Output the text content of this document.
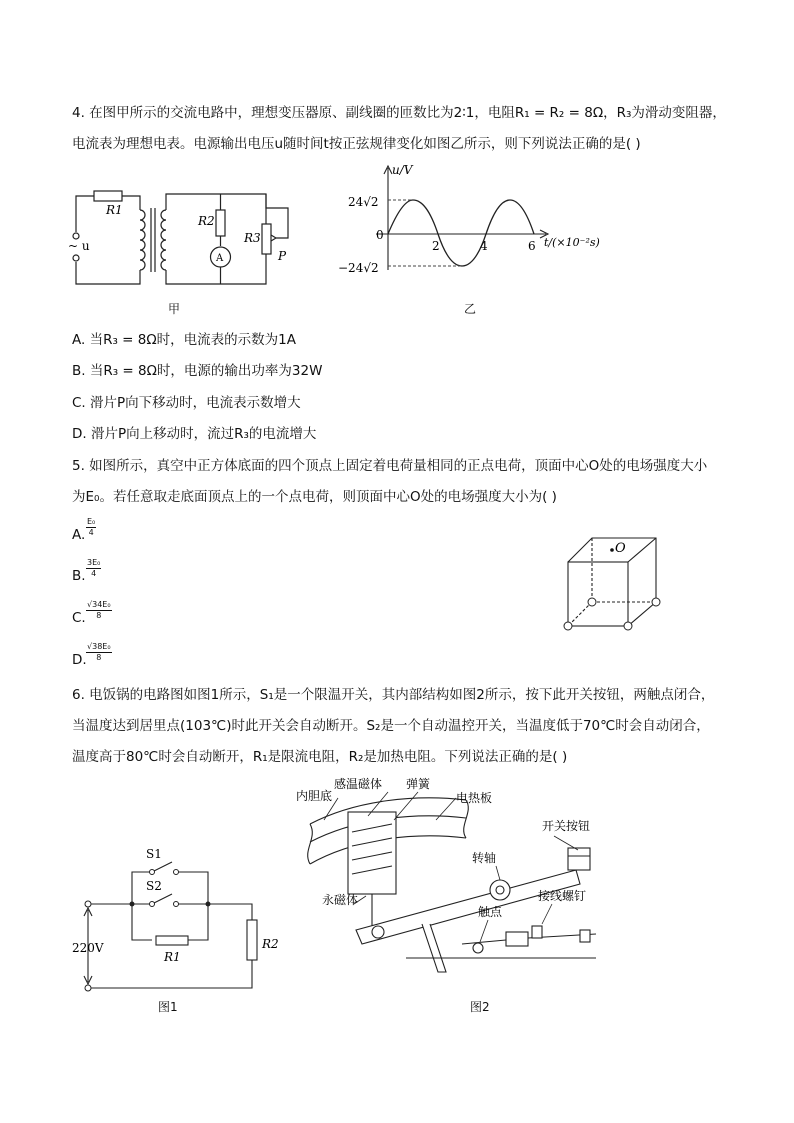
4. 在图甲所示的交流电路中，理想变压器原、副线圈的匝数比为2∶1，电阻R₁ = R₂ = 8Ω，R₃为滑动变阻器，
电流表为理想电表。电源输出电压u随时间t按正弦规律变化如图乙所示，则下列说法正确的是( )
R1
R2
R3
~ u
A	P
甲
u/V
24√2
−24√2
0
2	4	6 t/(×10⁻²s)
乙
A. 当R₃ = 8Ω时，电流表的示数为1A
B. 当R₃ = 8Ω时，电源的输出功率为32W
C. 滑片P向下移动时，电流表示数增大
D. 滑片P向上移动时，流过R₃的电流增大
5. 如图所示，真空中正方体底面的四个顶点上固定着电荷量相同的正点电荷，顶面中心O处的电场强度大小
为E₀。若任意取走底面顶点上的一个点电荷，则顶面中心O处的电场强度大小为( )
A. $\frac{\text{E₀}}{4}$
B. $\frac{\text{3E₀}}{4}$
C. $\frac{\text{√34E₀}}{8}$
D. $\frac{\text{√38E₀}}{8}$
O
6. 电饭锅的电路图如图1所示，S₁是一个限温开关，其内部结构如图2所示，按下此开关按钮，两触点闭合，
当温度达到居里点(103℃)时此开关会自动断开。S₂是一个自动温控开关，当温度低于70℃时会自动闭合，
温度高于80℃时会自动断开，R₁是限流电阻，R₂是加热电阻。下列说法正确的是( )
S1
S2
220V
R1
R2
图1
内胆底
感温磁体 弹簧
电热板
开关按钮
转轴
永磁体	接线螺钉
触点
图2
